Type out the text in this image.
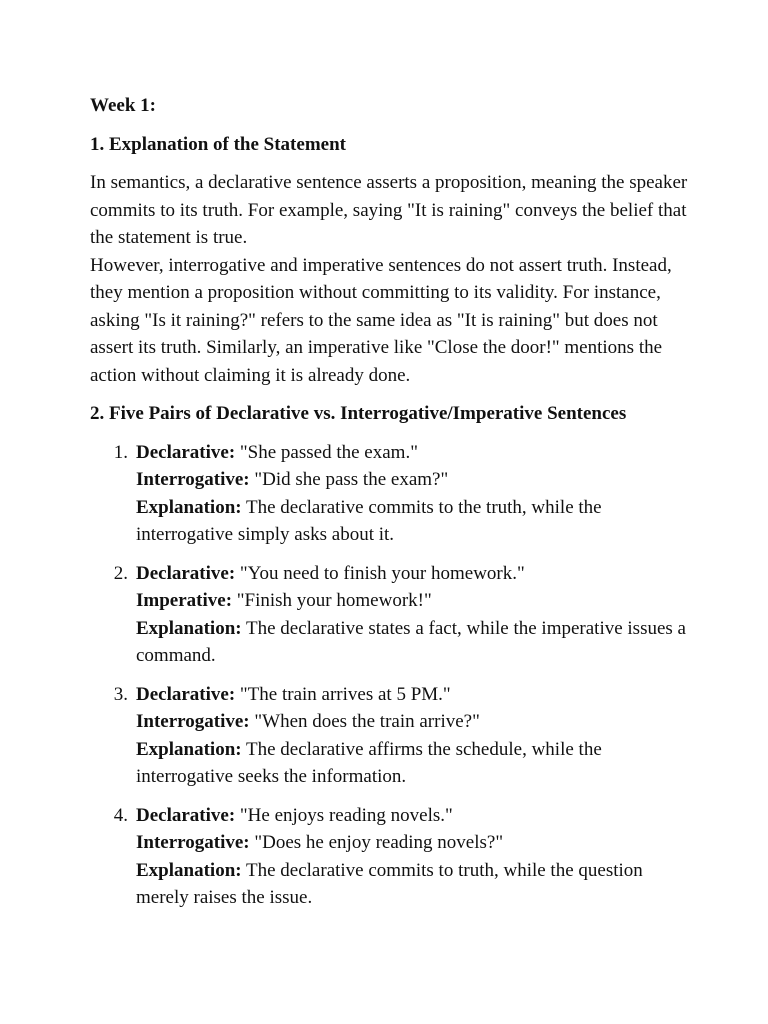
Week 1:

1. Explanation of the Statement

In semantics, a declarative sentence asserts a proposition, meaning the speaker commits to its truth. For example, saying "It is raining" conveys the belief that the statement is true.

However, interrogative and imperative sentences do not assert truth. Instead, they mention a proposition without committing to its validity. For instance, asking "Is it raining?" refers to the same idea as "It is raining" but does not assert its truth. Similarly, an imperative like "Close the door!" mentions the action without claiming it is already done.

2. Five Pairs of Declarative vs. Interrogative/Imperative Sentences

1. Declarative: "She passed the exam."
Interrogative: "Did she pass the exam?"
Explanation: The declarative commits to the truth, while the interrogative simply asks about it.
2. Declarative: "You need to finish your homework."
Imperative: "Finish your homework!"
Explanation: The declarative states a fact, while the imperative issues a command.
3. Declarative: "The train arrives at 5 PM."
Interrogative: "When does the train arrive?"
Explanation: The declarative affirms the schedule, while the interrogative seeks the information.
4. Declarative: "He enjoys reading novels."
Interrogative: "Does he enjoy reading novels?"
Explanation: The declarative commits to truth, while the question merely raises the issue.
